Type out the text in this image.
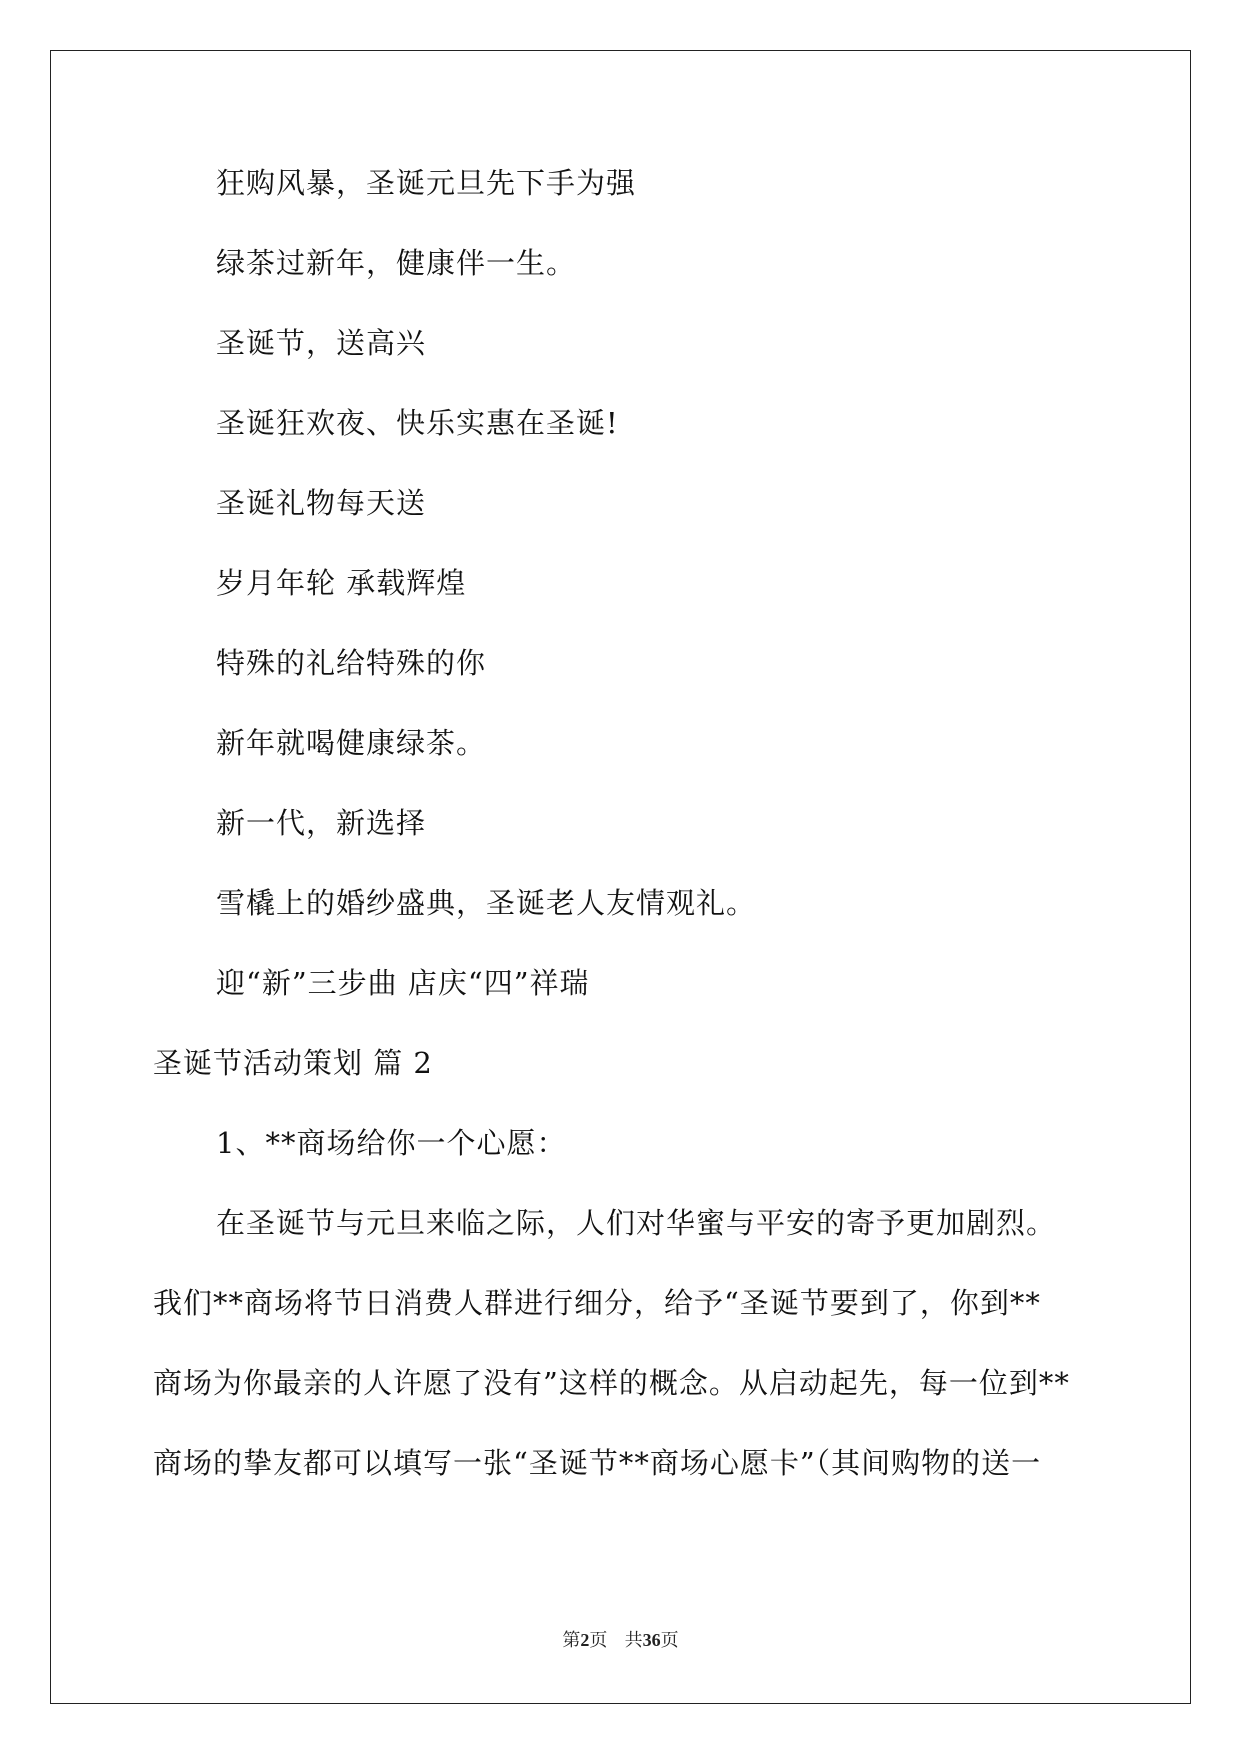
狂购风暴，圣诞元旦先下手为强
绿茶过新年，健康伴一生。
圣诞节，送高兴
圣诞狂欢夜、快乐实惠在圣诞!
圣诞礼物每天送
岁月年轮 承载辉煌
特殊的礼给特殊的你
新年就喝健康绿茶。
新一代，新选择
雪橇上的婚纱盛典，圣诞老人友情观礼。
迎“新”三步曲 店庆“四”祥瑞
圣诞节活动策划 篇 2
1、**商场给你一个心愿：
在圣诞节与元旦来临之际，人们对华蜜与平安的寄予更加剧烈。
我们**商场将节日消费人群进行细分，给予“圣诞节要到了，你到**
商场为你最亲的人许愿了没有”这样的概念。从启动起先，每一位到**
商场的挚友都可以填写一张“圣诞节**商场心愿卡”（其间购物的送一
第2页 共36页
